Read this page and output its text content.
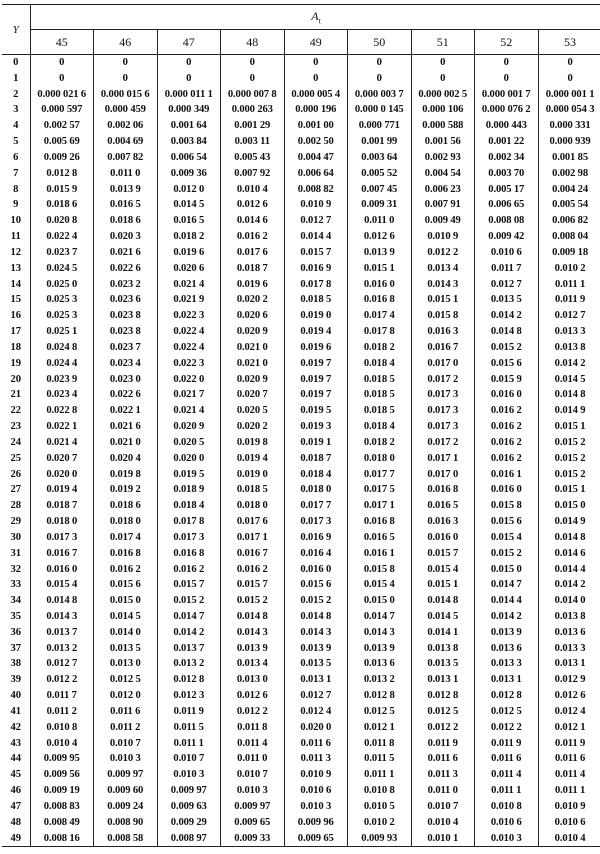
Y	$A_t$
	45	46	47	48	49	50	51	52	53
0	0	0	0	0	0	0	0	0	0
1	0	0	0	0	0	0	0	0	0
2	0.000 021 6	0.000 015 6	0.000 011 1	0.000 007 8	0.000 005 4	0.000 003 7	0.000 002 5	0.000 001 7	0.000 001 1
3	0.000 597	0.000 459	0.000 349	0.000 263	0.000 196	0.000 0 145	0.000 106	0.000 076 2	0.000 054 3
4	0.002 57	0.002 06	0.001 64	0.001 29	0.001 00	0.000 771	0.000 588	0.000 443	0.000 331
5	0.005 69	0.004 69	0.003 84	0.003 11	0.002 50	0.001 99	0.001 56	0.001 22	0.000 939
6	0.009 26	0.007 82	0.006 54	0.005 43	0.004 47	0.003 64	0.002 93	0.002 34	0.001 85
7	0.012 8	0.011 0	0.009 36	0.007 92	0.006 64	0.005 52	0.004 54	0.003 70	0.002 98
8	0.015 9	0.013 9	0.012 0	0.010 4	0.008 82	0.007 45	0.006 23	0.005 17	0.004 24
9	0.018 6	0.016 5	0.014 5	0.012 6	0.010 9	0.009 31	0.007 91	0.006 65	0.005 54
10	0.020 8	0.018 6	0.016 5	0.014 6	0.012 7	0.011 0	0.009 49	0.008 08	0.006 82
11	0.022 4	0.020 3	0.018 2	0.016 2	0.014 4	0.012 6	0.010 9	0.009 42	0.008 04
12	0.023 7	0.021 6	0.019 6	0.017 6	0.015 7	0.013 9	0.012 2	0.010 6	0.009 18
13	0.024 5	0.022 6	0.020 6	0.018 7	0.016 9	0.015 1	0.013 4	0.011 7	0.010 2
14	0.025 0	0.023 2	0.021 4	0.019 6	0.017 8	0.016 0	0.014 3	0.012 7	0.011 1
15	0.025 3	0.023 6	0.021 9	0.020 2	0.018 5	0.016 8	0.015 1	0.013 5	0.011 9
16	0.025 3	0.023 8	0.022 3	0.020 6	0.019 0	0.017 4	0.015 8	0.014 2	0.012 7
17	0.025 1	0.023 8	0.022 4	0.020 9	0.019 4	0.017 8	0.016 3	0.014 8	0.013 3
18	0.024 8	0.023 7	0.022 4	0.021 0	0.019 6	0.018 2	0.016 7	0.015 2	0.013 8
19	0.024 4	0.023 4	0.022 3	0.021 0	0.019 7	0.018 4	0.017 0	0.015 6	0.014 2
20	0.023 9	0.023 0	0.022 0	0.020 9	0.019 7	0.018 5	0.017 2	0.015 9	0.014 5
21	0.023 4	0.022 6	0.021 7	0.020 7	0.019 7	0.018 5	0.017 3	0.016 0	0.014 8
22	0.022 8	0.022 1	0.021 4	0.020 5	0.019 5	0.018 5	0.017 3	0.016 2	0.014 9
23	0.022 1	0.021 6	0.020 9	0.020 2	0.019 3	0.018 4	0.017 3	0.016 2	0.015 1
24	0.021 4	0.021 0	0.020 5	0.019 8	0.019 1	0.018 2	0.017 2	0.016 2	0.015 2
25	0.020 7	0.020 4	0.020 0	0.019 4	0.018 7	0.018 0	0.017 1	0.016 2	0.015 2
26	0.020 0	0.019 8	0.019 5	0.019 0	0.018 4	0.017 7	0.017 0	0.016 1	0.015 2
27	0.019 4	0.019 2	0.018 9	0.018 5	0.018 0	0.017 5	0.016 8	0.016 0	0.015 1
28	0.018 7	0.018 6	0.018 4	0.018 0	0.017 7	0.017 1	0.016 5	0.015 8	0.015 0
29	0.018 0	0.018 0	0.017 8	0.017 6	0.017 3	0.016 8	0.016 3	0.015 6	0.014 9
30	0.017 3	0.017 4	0.017 3	0.017 1	0.016 9	0.016 5	0.016 0	0.015 4	0.014 8
31	0.016 7	0.016 8	0.016 8	0.016 7	0.016 4	0.016 1	0.015 7	0.015 2	0.014 6
32	0.016 0	0.016 2	0.016 2	0.016 2	0.016 0	0.015 8	0.015 4	0.015 0	0.014 4
33	0.015 4	0.015 6	0.015 7	0.015 7	0.015 6	0.015 4	0.015 1	0.014 7	0.014 2
34	0.014 8	0.015 0	0.015 2	0.015 2	0.015 2	0.015 0	0.014 8	0.014 4	0.014 0
35	0.014 3	0.014 5	0.014 7	0.014 8	0.014 8	0.014 7	0.014 5	0.014 2	0.013 8
36	0.013 7	0.014 0	0.014 2	0.014 3	0.014 3	0.014 3	0.014 1	0.013 9	0.013 6
37	0.013 2	0.013 5	0.013 7	0.013 9	0.013 9	0.013 9	0.013 8	0.013 6	0.013 3
38	0.012 7	0.013 0	0.013 2	0.013 4	0.013 5	0.013 6	0.013 5	0.013 3	0.013 1
39	0.012 2	0.012 5	0.012 8	0.013 0	0.013 1	0.013 2	0.013 1	0.013 1	0.012 9
40	0.011 7	0.012 0	0.012 3	0.012 6	0.012 7	0.012 8	0.012 8	0.012 8	0.012 6
41	0.011 2	0.011 6	0.011 9	0.012 2	0.012 4	0.012 5	0.012 5	0.012 5	0.012 4
42	0.010 8	0.011 2	0.011 5	0.011 8	0.020 0	0.012 1	0.012 2	0.012 2	0.012 1
43	0.010 4	0.010 7	0.011 1	0.011 4	0.011 6	0.011 8	0.011 9	0.011 9	0.011 9
44	0.009 95	0.010 3	0.010 7	0.011 0	0.011 3	0.011 5	0.011 6	0.011 6	0.011 6
45	0.009 56	0.009 97	0.010 3	0.010 7	0.010 9	0.011 1	0.011 3	0.011 4	0.011 4
46	0.009 19	0.009 60	0.009 97	0.010 3	0.010 6	0.010 8	0.011 0	0.011 1	0.011 1
47	0.008 83	0.009 24	0.009 63	0.009 97	0.010 3	0.010 5	0.010 7	0.010 8	0.010 9
48	0.008 49	0.008 90	0.009 29	0.009 65	0.009 96	0.010 2	0.010 4	0.010 6	0.010 6
49	0.008 16	0.008 58	0.008 97	0.009 33	0.009 65	0.009 93	0.010 1	0.010 3	0.010 4
